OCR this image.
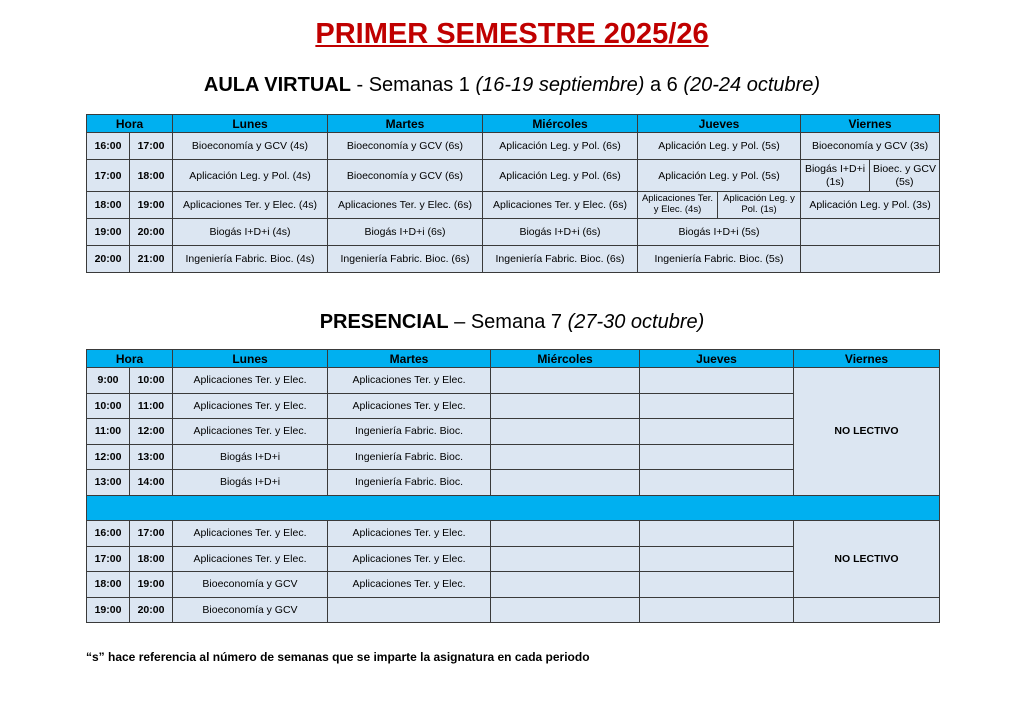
PRIMER SEMESTRE 2025/26
AULA VIRTUAL - Semanas 1 (16-19 septiembre) a 6 (20-24 octubre)
Hora		Lunes	Martes	Miércoles	Jueves		Viernes	
16:00	17:00	Bioeconomía y GCV (4s)	Bioeconomía y GCV (6s)	Aplicación Leg. y Pol. (6s)	Aplicación Leg. y Pol. (5s)		Bioeconomía y GCV (3s)	
17:00	18:00	Aplicación Leg. y Pol. (4s)	Bioeconomía y GCV (6s)	Aplicación Leg. y Pol. (6s)	Aplicación Leg. y Pol. (5s)		Biogás I+D+i (1s)	Bioec. y GCV (5s)
18:00	19:00	Aplicaciones Ter. y Elec. (4s)	Aplicaciones Ter. y Elec. (6s)	Aplicaciones Ter. y Elec. (6s)	Aplicaciones Ter. y Elec. (4s)	Aplicación Leg. y Pol. (1s)	Aplicación Leg. y Pol. (3s)	
19:00	20:00	Biogás I+D+i (4s)	Biogás I+D+i (6s)	Biogás I+D+i (6s)	Biogás I+D+i (5s)			
20:00	21:00	Ingeniería Fabric. Bioc. (4s)	Ingeniería Fabric. Bioc. (6s)	Ingeniería Fabric. Bioc. (6s)	Ingeniería Fabric. Bioc. (5s)			
PRESENCIAL – Semana 7 (27-30 octubre)
Hora		Lunes	Martes	Miércoles	Jueves	Viernes
9:00	10:00	Aplicaciones Ter. y Elec.	Aplicaciones Ter. y Elec.			NO LECTIVO
10:00	11:00	Aplicaciones Ter. y Elec.	Aplicaciones Ter. y Elec.			
11:00	12:00	Aplicaciones Ter. y Elec.	Ingeniería Fabric. Bioc.			
12:00	13:00	Biogás I+D+i	Ingeniería Fabric. Bioc.			
13:00	14:00	Biogás I+D+i	Ingeniería Fabric. Bioc.			

16:00	17:00	Aplicaciones Ter. y Elec.	Aplicaciones Ter. y Elec.			NO LECTIVO
17:00	18:00	Aplicaciones Ter. y Elec.	Aplicaciones Ter. y Elec.			
18:00	19:00	Bioeconomía y GCV	Aplicaciones Ter. y Elec.			
19:00	20:00	Bioeconomía y GCV				
“s” hace referencia al número de semanas que se imparte la asignatura en cada periodo
